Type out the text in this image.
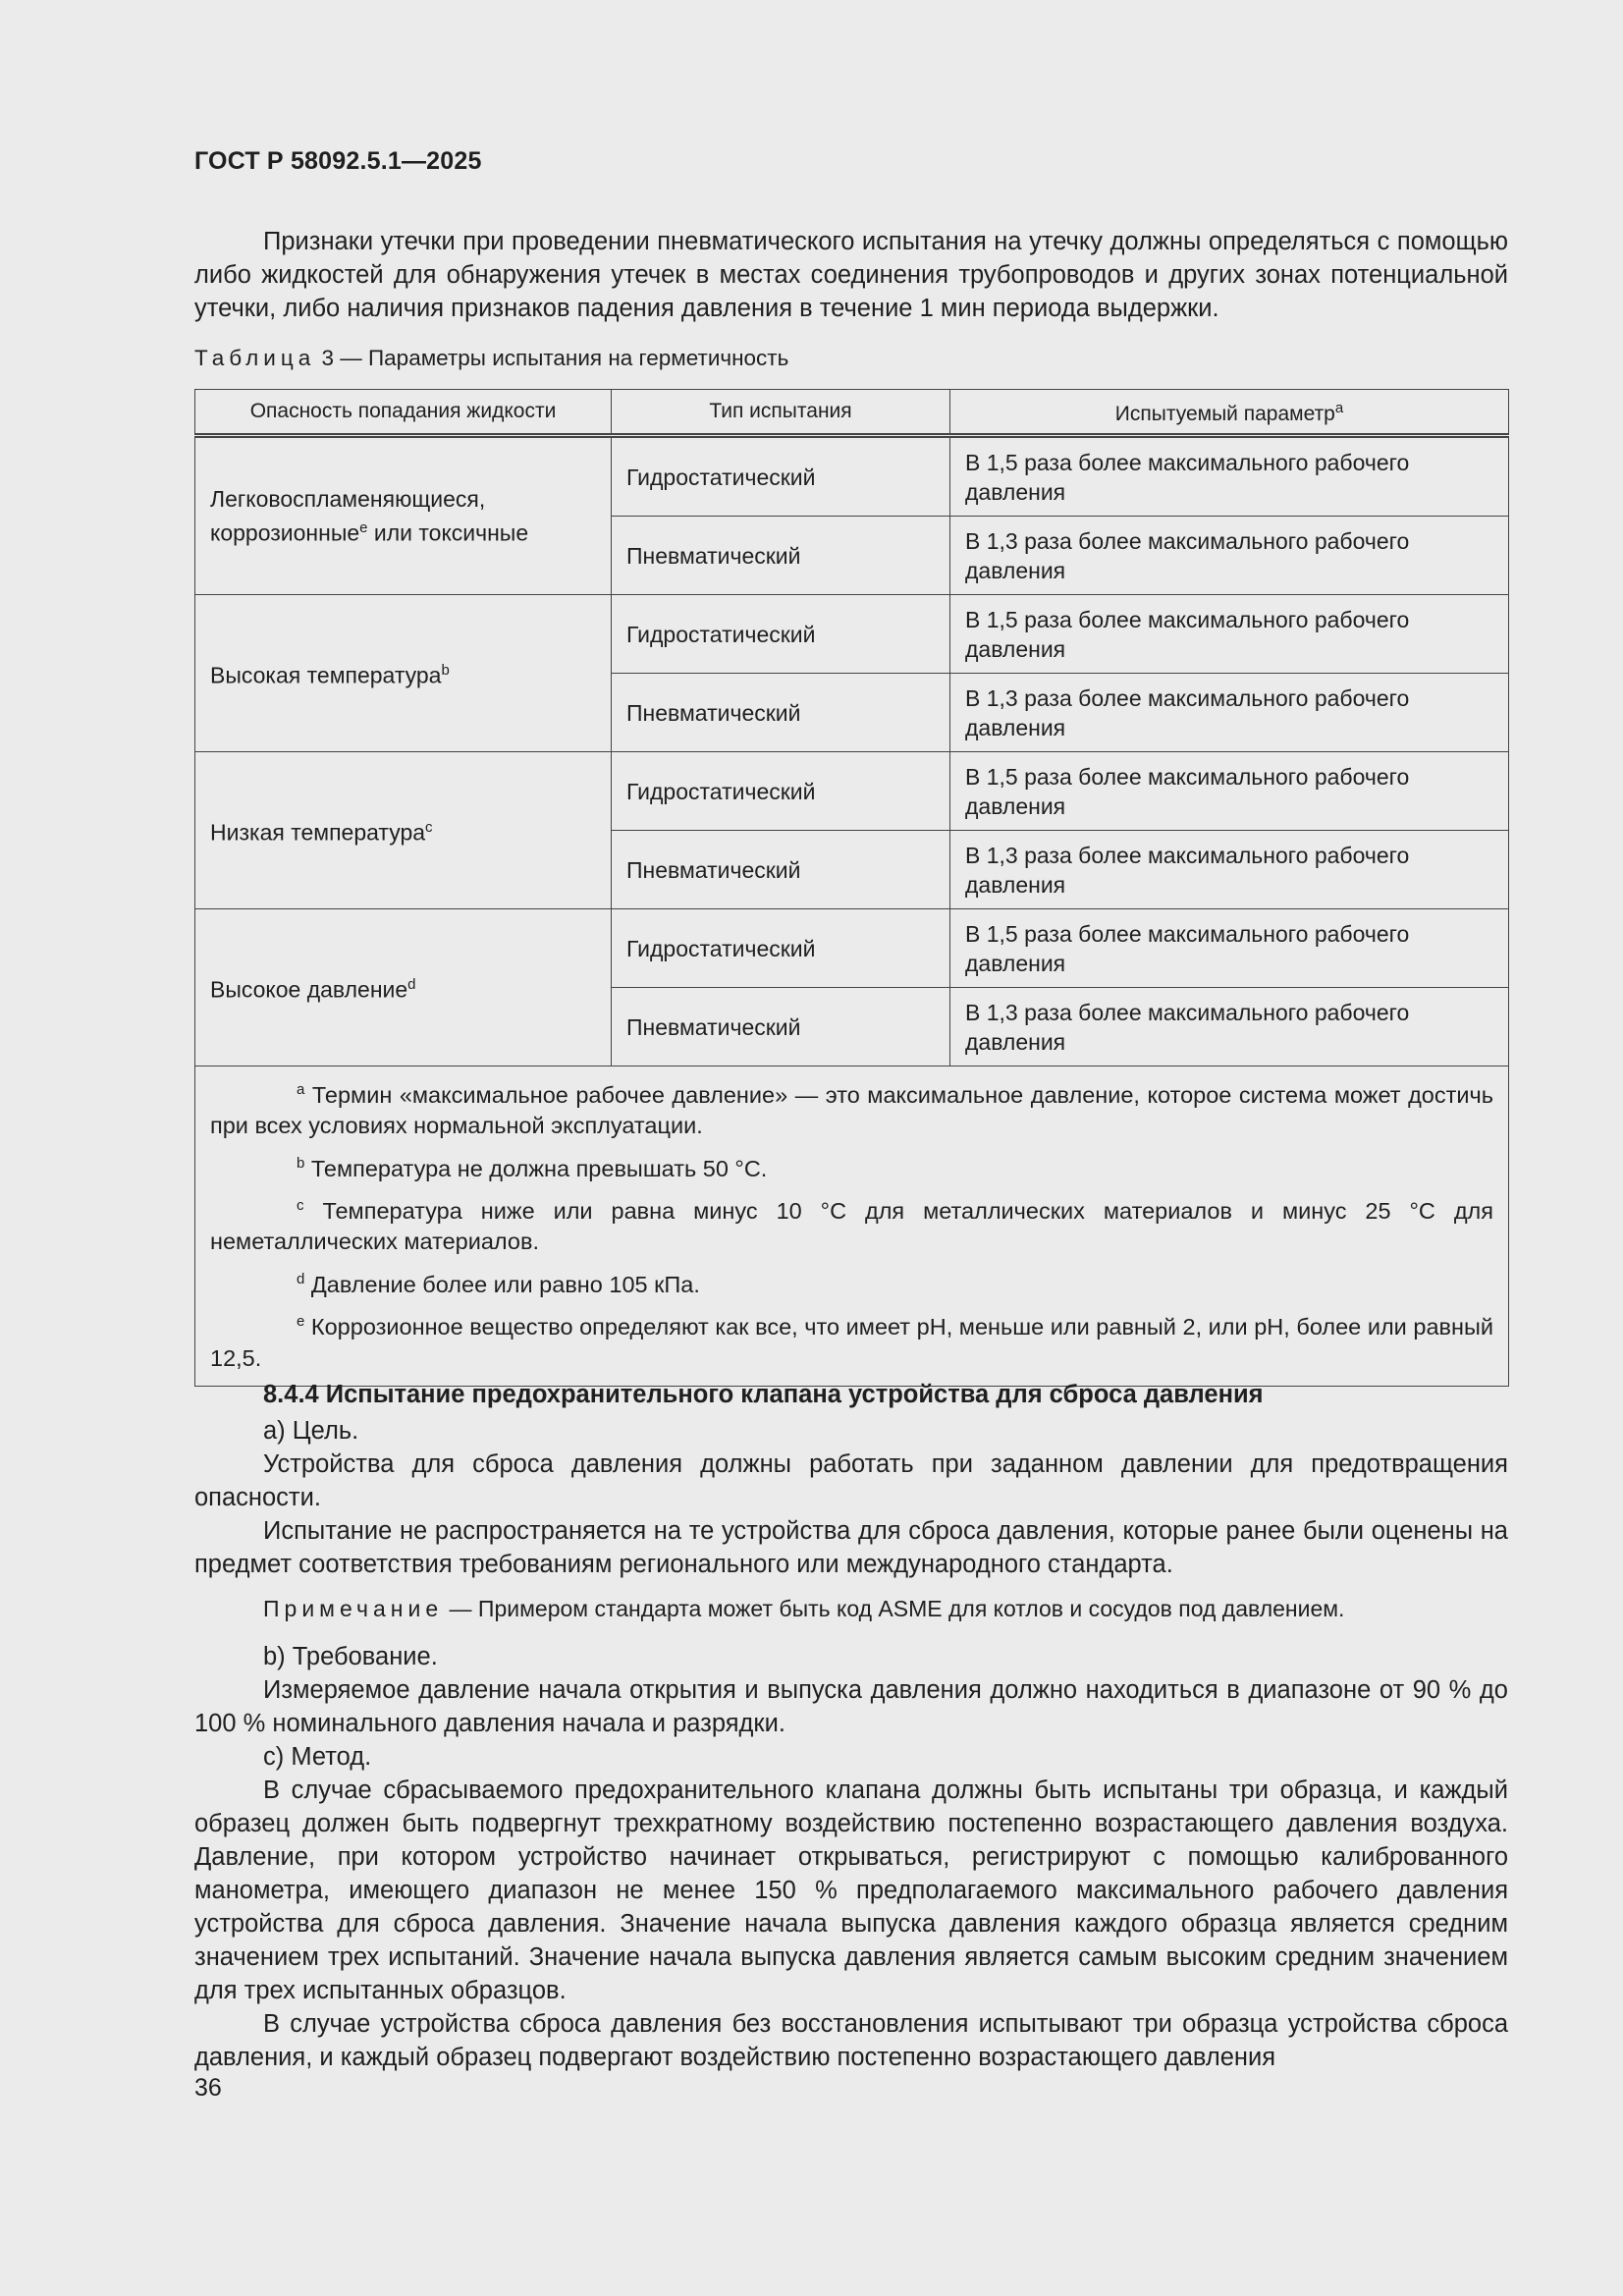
ГОСТ Р 58092.5.1—2025

Признаки утечки при проведении пневматического испытания на утечку должны определяться с помощью либо жидкостей для обнаружения утечек в местах соединения трубопроводов и других зонах потенциальной утечки, либо наличия признаков падения давления в течение 1 мин периода выдержки.

Таблица 3 — Параметры испытания на герметичность
Опасность попадания жидкости	Тип испытания	Испытуемый параметр$^a$
Легковоспламеняющиеся, коррозионные$^e$ или токсичные	Гидростатический	В 1,5 раза более максимального рабочего давления
	Пневматический	В 1,3 раза более максимального рабочего давления
Высокая температура$^b$	Гидростатический	В 1,5 раза более максимального рабочего давления
	Пневматический	В 1,3 раза более максимального рабочего давления
Низкая температура$^c$	Гидростатический	В 1,5 раза более максимального рабочего давления
	Пневматический	В 1,3 раза более максимального рабочего давления
Высокое давление$^d$	Гидростатический	В 1,5 раза более максимального рабочего давления
	Пневматический	В 1,3 раза более максимального рабочего давления

$^a$ Термин «максимальное рабочее давление» — это максимальное давление, которое система может достичь при всех условиях нормальной эксплуатации.

$^b$ Температура не должна превышать 50 °С.

$^c$ Температура ниже или равна минус 10 °С для металлических материалов и минус 25 °С для неметаллических материалов.

$^d$ Давление более или равно 105 кПа.

$^e$ Коррозионное вещество определяют как все, что имеет pH, меньше или равный 2, или pH, более или равный 12,5.		

8.4.4 Испытание предохранительного клапана устройства для сброса давления

a) Цель.

Устройства для сброса давления должны работать при заданном давлении для предотвращения опасности.

Испытание не распространяется на те устройства для сброса давления, которые ранее были оценены на предмет соответствия требованиям регионального или международного стандарта.

Примечание — Примером стандарта может быть код ASME для котлов и сосудов под давлением.

b) Требование.

Измеряемое давление начала открытия и выпуска давления должно находиться в диапазоне от 90 % до 100 % номинального давления начала и разрядки.

c) Метод.

В случае сбрасываемого предохранительного клапана должны быть испытаны три образца, и каждый образец должен быть подвергнут трехкратному воздействию постепенно возрастающего давления воздуха. Давление, при котором устройство начинает открываться, регистрируют с помощью калиброванного манометра, имеющего диапазон не менее 150 % предполагаемого максимального рабочего давления устройства для сброса давления. Значение начала выпуска давления каждого образца является средним значением трех испытаний. Значение начала выпуска давления является самым высоким средним значением для трех испытанных образцов.

В случае устройства сброса давления без восстановления испытывают три образца устройства сброса давления, и каждый образец подвергают воздействию постепенно возрастающего давления

36
